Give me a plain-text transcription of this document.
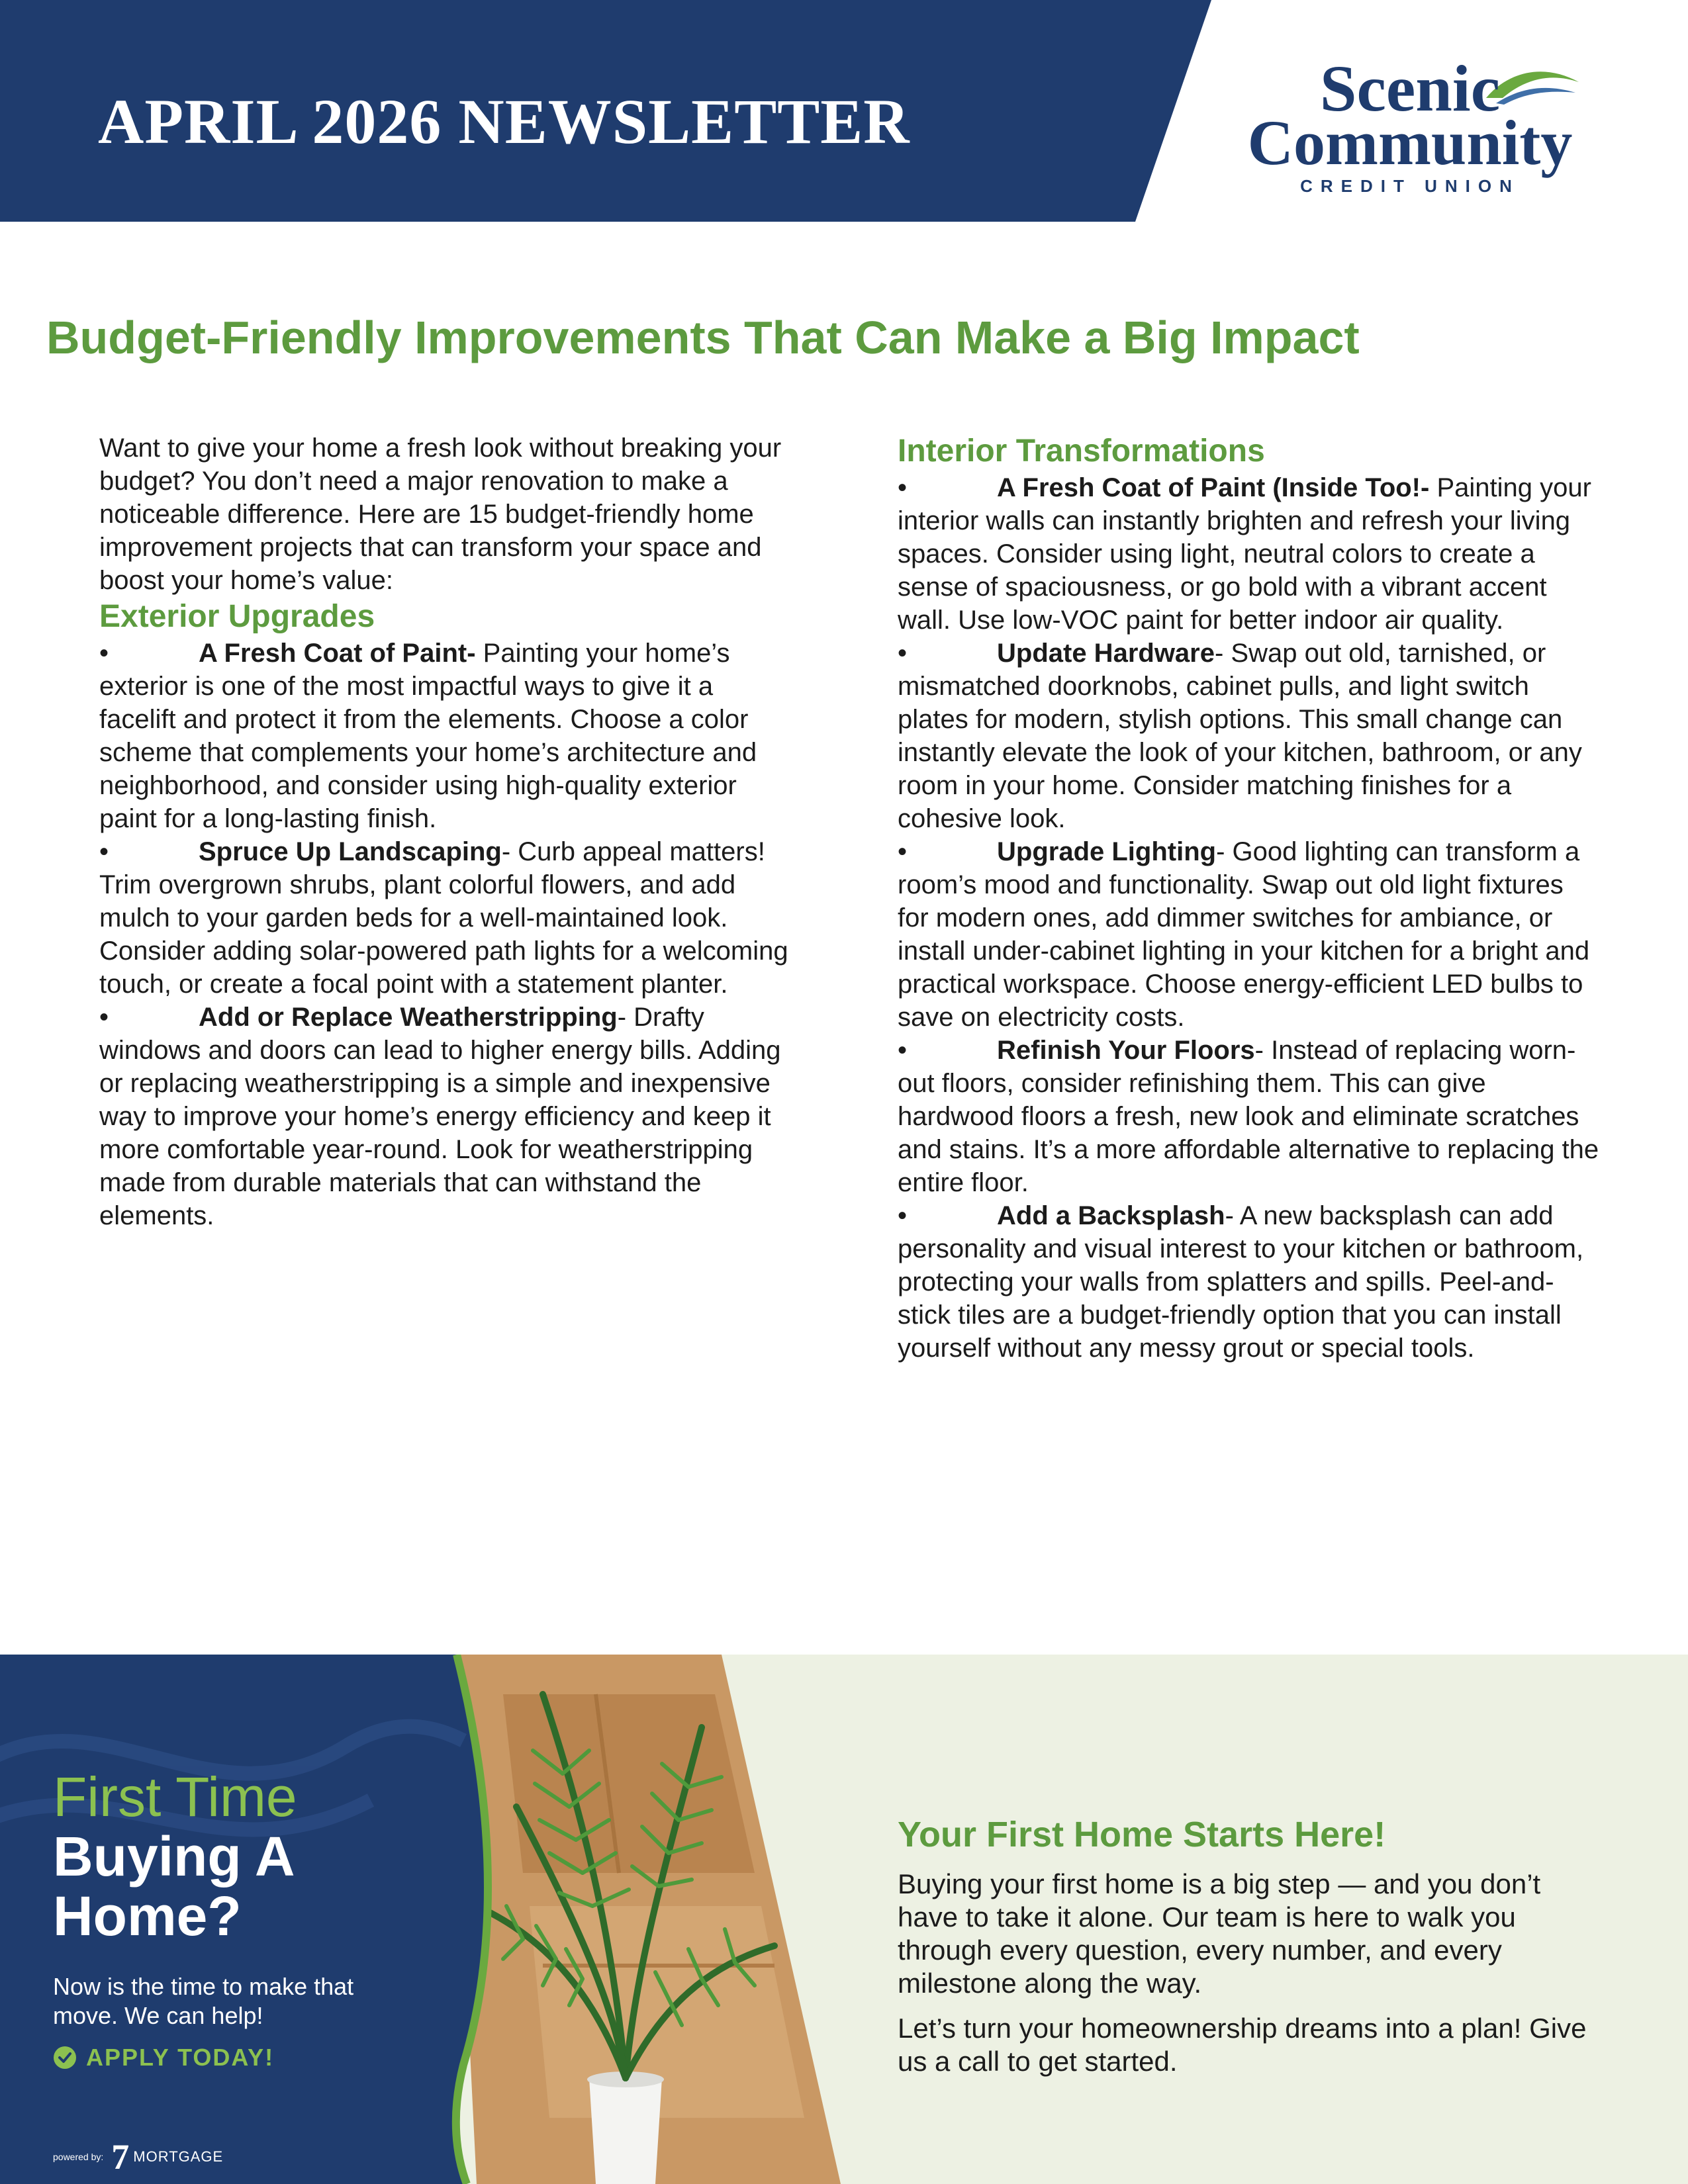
APRIL 2026 NEWSLETTER	Scenic
Community
CREDIT UNION
Budget-Friendly Improvements That Can Make a Big Impact

Want to give your home a fresh look without breaking your budget? You don’t need a major renovation to make a noticeable difference. Here are 15 budget-friendly home improvement projects that can transform your space and boost your home’s value:

Exterior Upgrades

•	A Fresh Coat of Paint- Painting your home’s exterior is one of the most impactful ways to give it a facelift and protect it from the elements. Choose a color scheme that complements your home’s architecture and neighborhood, and consider using high-quality exterior paint for a long-lasting finish.

•	Spruce Up Landscaping- Curb appeal matters! Trim overgrown shrubs, plant colorful flowers, and add mulch to your garden beds for a well-maintained look. Consider adding solar-powered path lights for a welcoming touch, or create a focal point with a statement planter.

•	Add or Replace Weatherstripping- Drafty windows and doors can lead to higher energy bills. Adding or replacing weatherstripping is a simple and inexpensive way to improve your home’s energy efficiency and keep it more comfortable year-round. Look for weatherstripping made from durable materials that can withstand the elements.

Interior Transformations

•	A Fresh Coat of Paint (Inside Too!- Painting your interior walls can instantly brighten and refresh your living spaces. Consider using light, neutral colors to create a sense of spaciousness, or go bold with a vibrant accent wall. Use low-VOC paint for better indoor air quality.

•	Update Hardware- Swap out old, tarnished, or mismatched doorknobs, cabinet pulls, and light switch plates for modern, stylish options. This small change can instantly elevate the look of your kitchen, bathroom, or any room in your home. Consider matching finishes for a cohesive look.

•	Upgrade Lighting- Good lighting can transform a room’s mood and functionality. Swap out old light fixtures for modern ones, add dimmer switches for ambiance, or install under-cabinet lighting in your kitchen for a bright and practical workspace. Choose energy-efficient LED bulbs to save on electricity costs.

•	Refinish Your Floors- Instead of replacing worn-out floors, consider refinishing them. This can give hardwood floors a fresh, new look and eliminate scratches and stains. It’s a more affordable alternative to replacing the entire floor.

•	Add a Backsplash- A new backsplash can add personality and visual interest to your kitchen or bathroom, protecting your walls from splatters and spills. Peel-and-stick tiles are a budget-friendly option that you can install yourself without any messy grout or special tools.

First Time

Buying A

Home?

Now is the time to make that move. We can help!

APPLY TODAY!
powered by: 7 MORTGAGE

Your First Home Starts Here!

Buying your first home is a big step — and you don’t have to take it alone. Our team is here to walk you through every question, every number, and every milestone along the way.

Let’s turn your homeownership dreams into a plan! Give us a call to get started.
